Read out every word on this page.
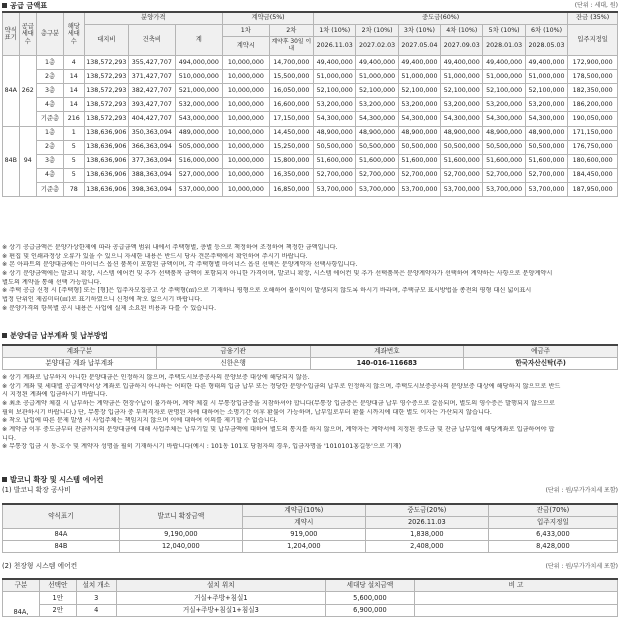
공급 금액표	(단위 : 세대, 원)
약식표기	공급세대수	층구분	해당세대수	분양가격			계약금(5%)		중도금(60%)						잔금 (35%)
				대지비	건축비	계	1차	2차	1차 (10%)	2차 (10%)	3차 (10%)	4차 (10%)	5차 (10%)	6차 (10%)	입주지정일
							계약시	계약후 30일 이내	2026.11.03	2027.02.03	2027.05.04	2027.09.03	2028.01.03	2028.05.03	
84A	262	1층	4	138,572,293	355,427,707	494,000,000	10,000,000	14,700,000	49,400,000	49,400,000	49,400,000	49,400,000	49,400,000	49,400,000	172,900,000
		2층	14	138,572,293	371,427,707	510,000,000	10,000,000	15,500,000	51,000,000	51,000,000	51,000,000	51,000,000	51,000,000	51,000,000	178,500,000
		3층	14	138,572,293	382,427,707	521,000,000	10,000,000	16,050,000	52,100,000	52,100,000	52,100,000	52,100,000	52,100,000	52,100,000	182,350,000
		4층	14	138,572,293	393,427,707	532,000,000	10,000,000	16,600,000	53,200,000	53,200,000	53,200,000	53,200,000	53,200,000	53,200,000	186,200,000
		기준층	216	138,572,293	404,427,707	543,000,000	10,000,000	17,150,000	54,300,000	54,300,000	54,300,000	54,300,000	54,300,000	54,300,000	190,050,000
84B	94	1층	1	138,636,906	350,363,094	489,000,000	10,000,000	14,450,000	48,900,000	48,900,000	48,900,000	48,900,000	48,900,000	48,900,000	171,150,000
		2층	5	138,636,906	366,363,094	505,000,000	10,000,000	15,250,000	50,500,000	50,500,000	50,500,000	50,500,000	50,500,000	50,500,000	176,750,000
		3층	5	138,636,906	377,363,094	516,000,000	10,000,000	15,800,000	51,600,000	51,600,000	51,600,000	51,600,000	51,600,000	51,600,000	180,600,000
		4층	5	138,636,906	388,363,094	527,000,000	10,000,000	16,350,000	52,700,000	52,700,000	52,700,000	52,700,000	52,700,000	52,700,000	184,450,000
		기준층	78	138,636,906	398,363,094	537,000,000	10,000,000	16,850,000	53,700,000	53,700,000	53,700,000	53,700,000	53,700,000	53,700,000	187,950,000
※ 상기 공급금액은 분양가상한제에 따라 공급금액 범위 내에서 주택형별, 층별 등으로 책정하여 조정하여 책정한 금액입니다.
※ 편집 및 인쇄과정상 오류가 있을 수 있으니 자세한 내용은 반드시 당사 견본주택에서 확인하여 주시기 바랍니다.
※ 본 아파트의 분양대금에는 마이너스 옵션 품목이 포함된 금액이며, 각 주택형별 마이너스 옵션 선택은 분양계약자 선택사항입니다.
※ 상기 분양금액에는 발코니 확장, 시스템 에어컨 및 추가 선택품목 금액이 포함되지 아니한 가격이며, 발코니 확장, 시스템 에어컨 및 추가 선택품목은 분양계약자가 선택하여 계약하는 사항으로 분양계약시
별도의 계약을 통해 선택 가능합니다.
※ 주택 공급 신청 시 [주택형] 또는 [형]은 입주자모집공고 상 주택형(㎡)으로 기재하니 평형으로 오해하여 불이익이 발생되지 않도록 하시기 바라며, 주택규모 표시방법을 종전의 평형 대신 넓이표시
법정 단위인 제곱미터(㎡)로 표기하였으니 신청에 착오 없으시기 바랍니다.
※ 분양가격의 항목별 공시 내용은 사업에 실제 소요된 비용과 다를 수 있습니다.
분양대금 납부계좌 및 납부방법
계좌구분	금융기관	계좌번호	예금주
분양대금 계좌 납부계좌	신한은행	140-016-116683	한국자산신탁(주)
※ 상기 계좌로 납부하지 아니한 분양대금은 인정하지 않으며, 주택도시보증공사의 분양보증 대상에 해당되지 않음.
※ 상기 계좌 및 세대별 공급계약서상 계좌로 입금하지 아니하는 어떠한 다른 형태의 입금 납부 또는 정당한 분양수입금의 납부로 인정하지 않으며, 주택도시보증공사의 분양보증 대상에 해당하지 않으므로 반드
시 지정된 계좌에 입금하시기 바랍니다.
※ 최초 공급계약 체결 시 납부하는 계약금은 현장수납이 불가하며, 계약 체결 시 무통장입금증을 지참하셔야 합니다(무통장 입금증은 분양대금 납부 영수증으로 갈음되며, 별도의 영수증은 발행되지 않으므로
필히 보관하시기 바랍니다.) 단, 무통장 입금자 중 부적격자로 판명된 자에 대하여는 소명기간 이후 환불이 가능하며, 납부일로부터 환불 시까지에 대한 별도 이자는 가산되지 않습니다.
※ 착오 납입에 따른 문제 발생 시 사업주체는 책임지지 않으며 이에 대하여 이의를 제기할 수 없습니다.
※ 계약금 이후 중도금부터 잔금까지의 분양대금에 대해 사업주체는 납부기일 및 납부금액에 대하여 별도의 통지를 하지 않으며, 계약자는 계약서에 지정된 중도금 및 잔금 납부일에 해당계좌로 입금하여야 합
니다.
※ 무통장 입금 시 동-호수 및 계약자 성명을 필히 기재하시기 바랍니다(예시 : 101동 101호 당첨자의 경우, 입금자명을 '1010101홍길동'으로 기재)
발코니 확장 및 시스템 에어컨
(1) 발코니 확장 공사비	(단위 : 원/부가가치세 포함)
약식표기	발코니 확장금액	계약금(10%)	중도금(20%)	잔금(70%)
		계약시	2026.11.03	입주지정일
84A	9,190,000	919,000	1,838,000	6,433,000
84B	12,040,000	1,204,000	2,408,000	8,428,000
(2) 천장형 시스템 에어컨	(단위 : 원/부가가치세 포함)
구분	선택안	설치 개소	설치 위치	세대당 설치금액	비 고
84A,	1안	3	거실+주방+침실1	5,600,000	
	2안	4	거실+주방+침실1+침실3	6,900,000	
